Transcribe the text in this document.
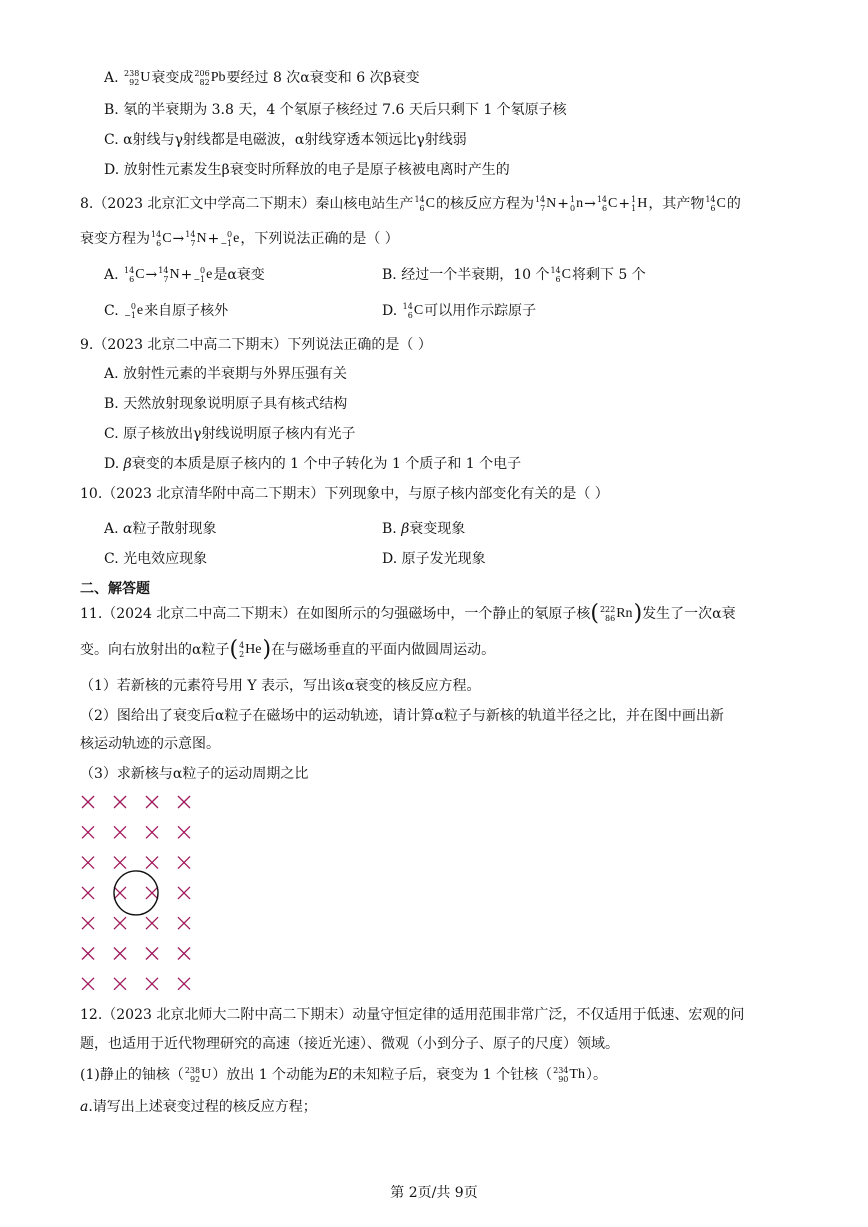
A. 238
92 U衰变成 206
82 Pb要经过 8 次α衰变和 6 次β衰变
B. 氡的半衰期为 3.8 天，4 个氡原子核经过 7.6 天后只剩下 1 个氡原子核
C. α射线与γ射线都是电磁波，α射线穿透本领远比γ射线弱
D. 放射性元素发生β衰变时所释放的电子是原子核被电离时产生的
8.（2023 北京汇文中学高二下期末）秦山核电站生产 14
6 C的核反应方程为 14
7 N+ 1
0 n→ 14
6 C+ 1
1 H，其产物 14
6 C的
衰变方程为 14
6 C→ 14
7 N+ 0
−1 e，下列说法正确的是（ ）
A. 14
6 C→ 14
7 N+ 0
−1 e是α衰变	B. 经过一个半衰期，10 个 14
6 C将剩下 5 个
C.	0
−1 e来自原子核外	D. 14
6 C可以用作示踪原子
9.（2023 北京二中高二下期末）下列说法正确的是（ ）
A. 放射性元素的半衰期与外界压强有关
B. 天然放射现象说明原子具有核式结构
C. 原子核放出γ射线说明原子核内有光子
D. β衰变的本质是原子核内的 1 个中子转化为 1 个质子和 1 个电子
10.（2023 北京清华附中高二下期末）下列现象中，与原子核内部变化有关的是（ ）
A. α粒子散射现象	B. β衰变现象
C. 光电效应现象	D. 原子发光现象
二、解答题
11.（2024 北京二中高二下期末）在如图所示的匀强磁场中，一个静止的氡原子核( 222
86 Rn)发生了一次α衰
变。向右放射出的α粒子( 4
2 He)在与磁场垂直的平面内做圆周运动。
（1）若新核的元素符号用 Y 表示，写出该α衰变的核反应方程。
（2）图给出了衰变后α粒子在磁场中的运动轨迹，请计算α粒子与新核的轨道半径之比，并在图中画出新
核运动轨迹的示意图。
（3）求新核与α粒子的运动周期之比
12.（2023 北京北师大二附中高二下期末）动量守恒定律的适用范围非常广泛，不仅适用于低速、宏观的问
题，也适用于近代物理研究的高速（接近光速）、微观（小到分子、原子的尺度）领域。
(1)静止的铀核（ 238
92 U）放出 1 个动能为E的未知粒子后，衰变为 1 个钍核（ 234
90 Th）。
a.请写出上述衰变过程的核反应方程；
第 2页/共 9页
